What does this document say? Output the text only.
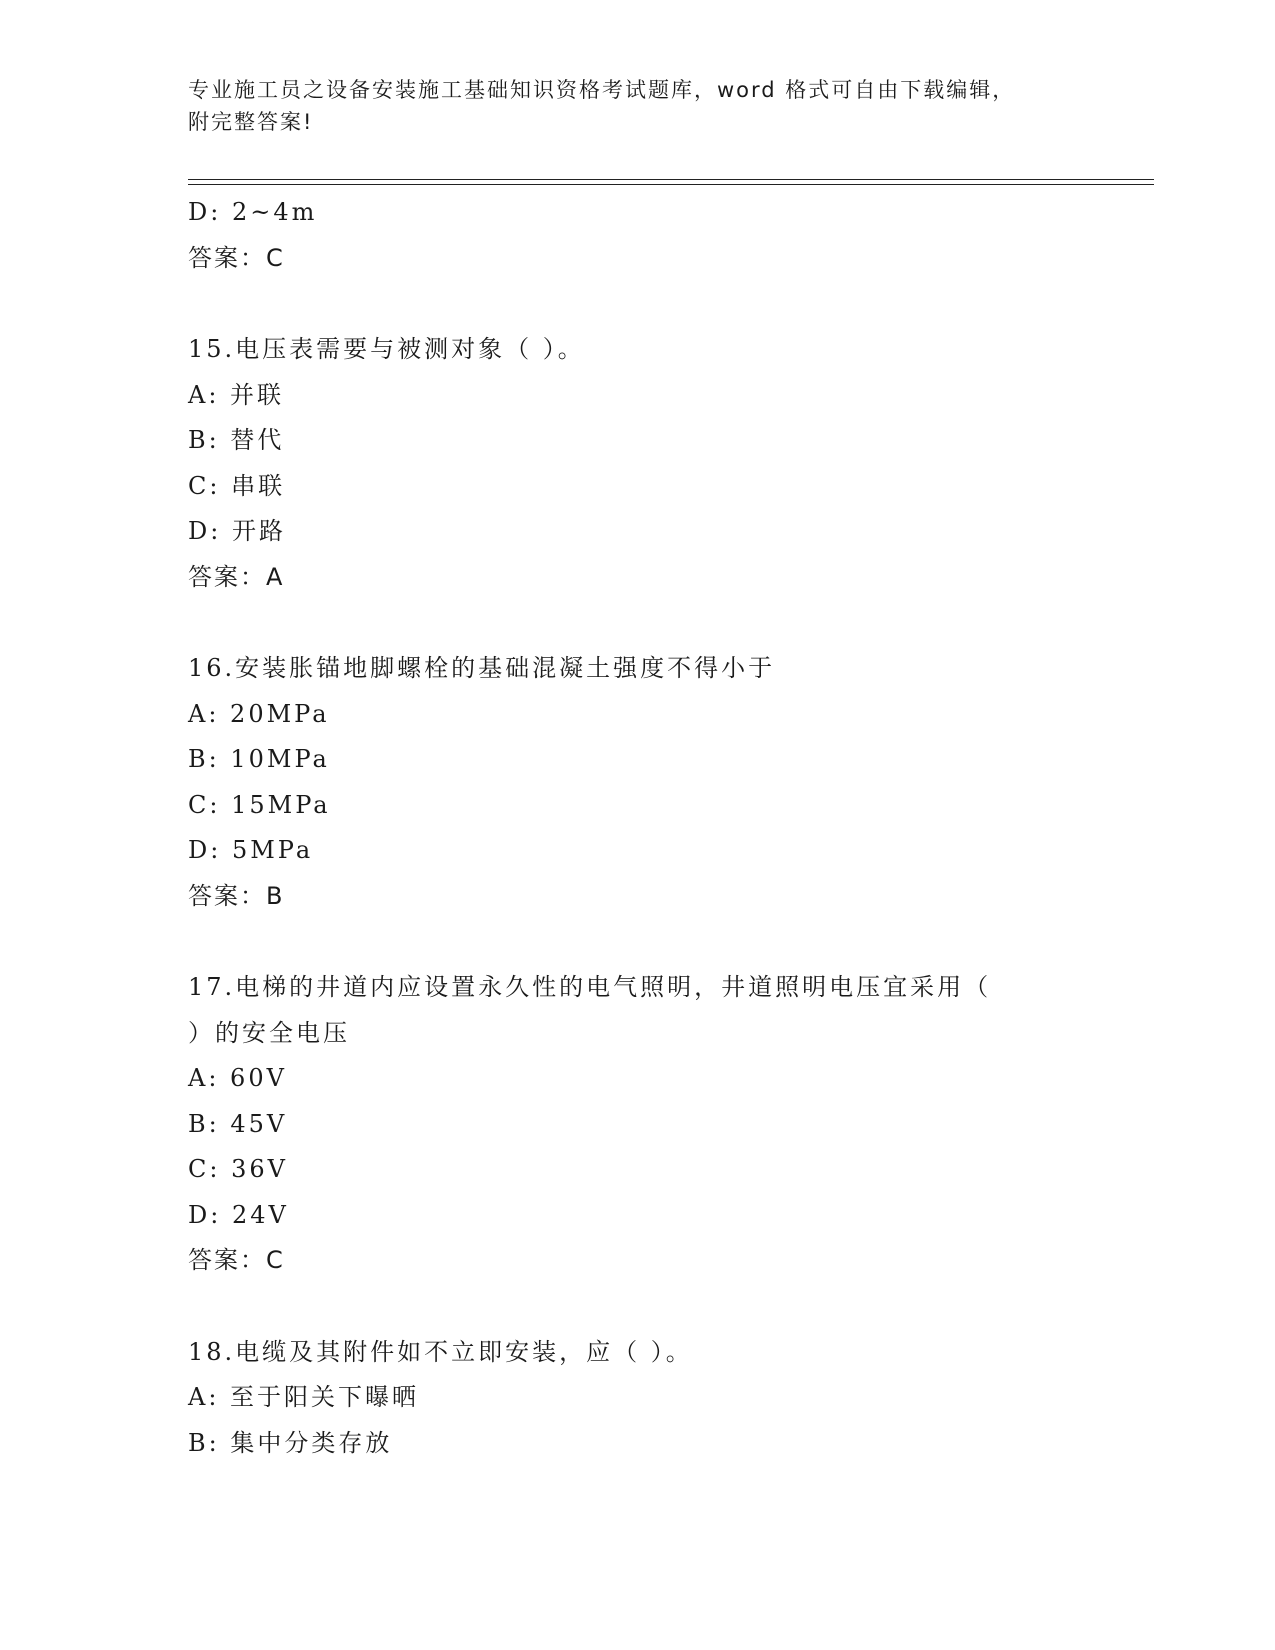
专业施工员之设备安装施工基础知识资格考试题库，word 格式可自由下载编辑，
附完整答案!
D: 2~4m
答案：C
15.电压表需要与被测对象（ ）。
A: 并联
B: 替代
C: 串联
D: 开路
答案：A
16.安装胀锚地脚螺栓的基础混凝土强度不得小于
A: 20MPa
B: 10MPa
C: 15MPa
D: 5MPa
答案：B
17.电梯的井道内应设置永久性的电气照明，井道照明电压宜采用（
）的安全电压
A: 60V
B: 45V
C: 36V
D: 24V
答案：C
18.电缆及其附件如不立即安装，应（ ）。
A: 至于阳关下曝晒
B: 集中分类存放
